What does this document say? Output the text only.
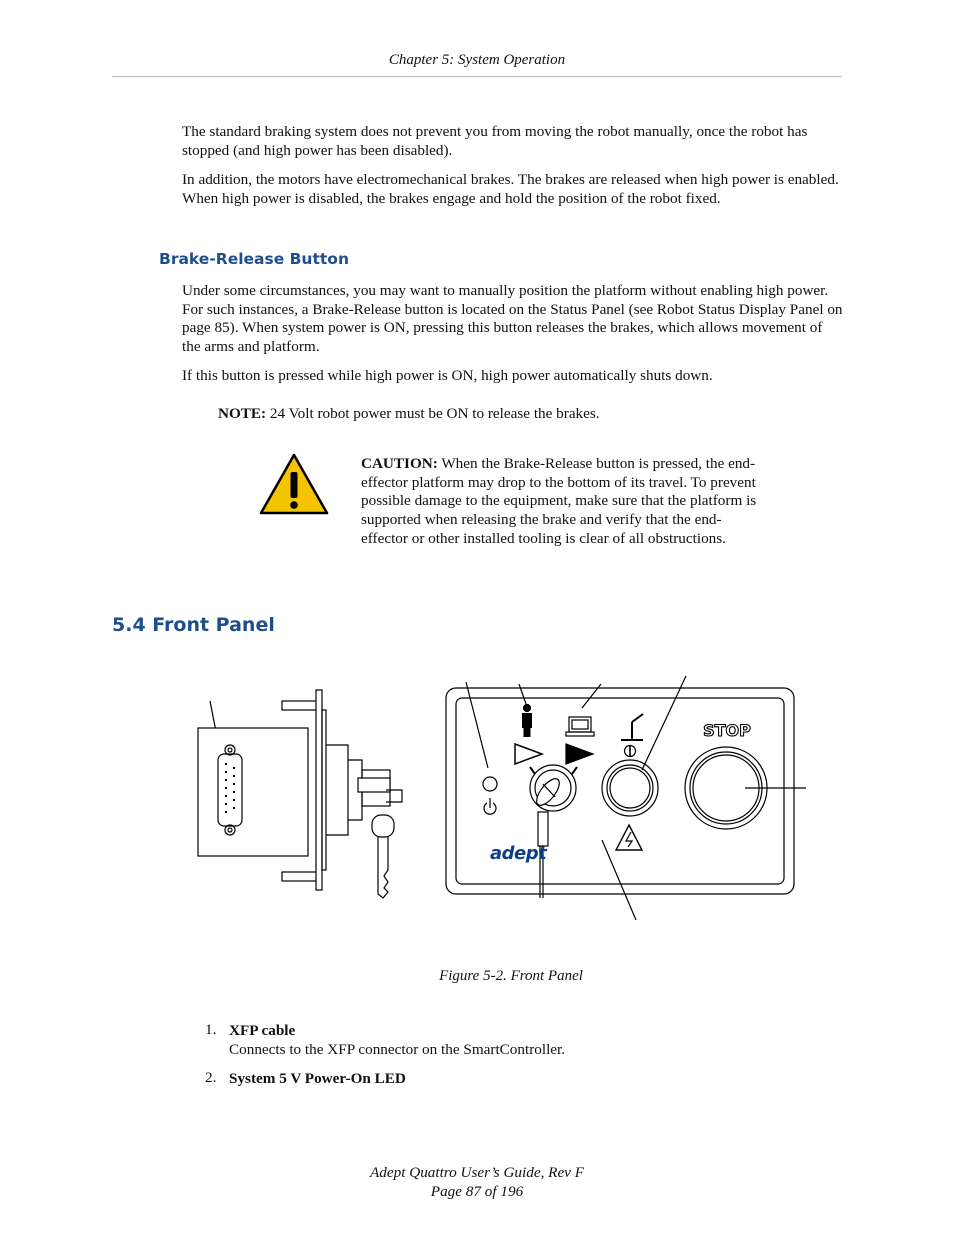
Chapter 5: System Operation

The standard braking system does not prevent you from moving the robot manually, once the robot has stopped (and high power has been disabled).

In addition, the motors have electromechanical brakes. The brakes are released when high power is enabled. When high power is disabled, the brakes engage and hold the position of the robot fixed.

Brake-Release Button

Under some circumstances, you may want to manually position the platform without enabling high power. For such instances, a Brake-Release button is located on the Status Panel (see Robot Status Display Panel on page 85). When system power is ON, pressing this button releases the brakes, which allows movement of the arms and platform.

If this button is pressed while high power is ON, high power automatically shuts down.

NOTE: 24 Volt robot power must be ON to release the brakes.

CAUTION: When the Brake-Release button is pressed, the end-effector platform may drop to the bottom of its travel. To prevent possible damage to the equipment, make sure that the platform is supported when releasing the brake and verify that the end-effector or other installed tooling is clear of all obstructions.

5.4 Front Panel
STOP
adept
Figure 5-2. Front Panel
1. XFP cable
Connects to the XFP connector on the SmartController.
2. System 5 V Power-On LED
Adept Quattro User’s Guide, Rev F
Page 87 of 196
